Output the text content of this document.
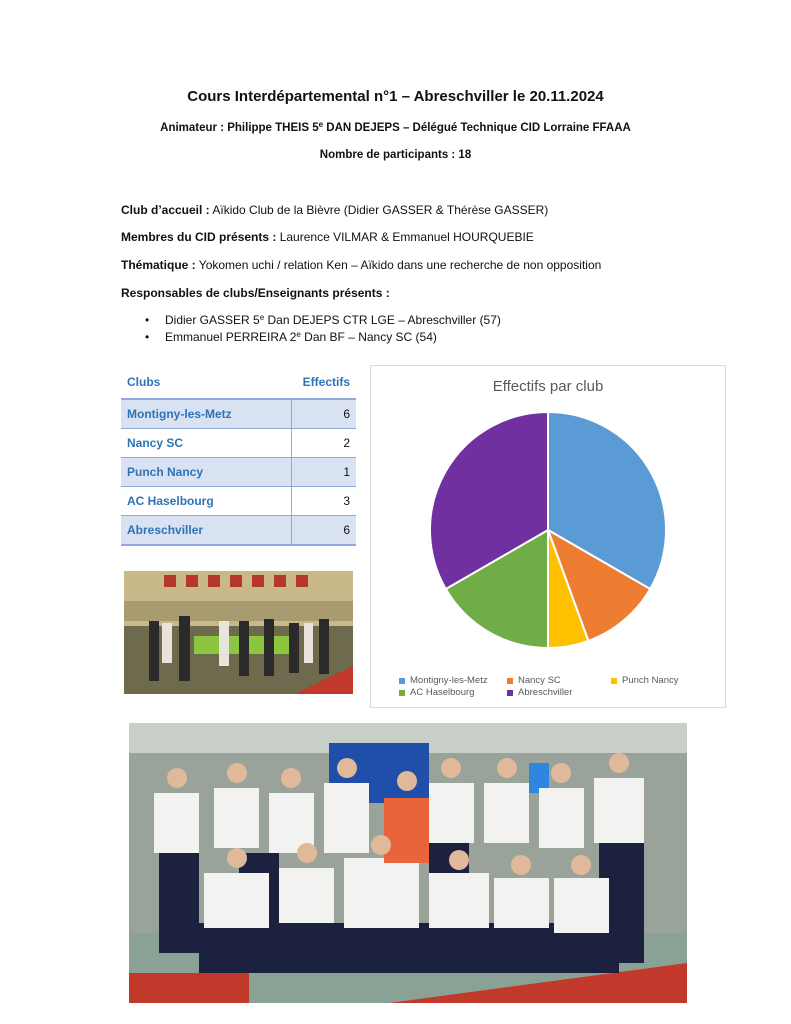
Cours Interdépartemental n°1 – Abreschviller le 20.11.2024
Animateur : Philippe THEIS 5e DAN DEJEPS – Délégué Technique CID Lorraine FFAAA
Nombre de participants : 18
Club d’accueil : Aïkido Club de la Bièvre (Didier GASSER & Thérèse GASSER)
Membres du CID présents : Laurence VILMAR & Emmanuel HOURQUEBIE
Thématique : Yokomen uchi / relation Ken – Aïkido dans une recherche de non opposition
Responsables de clubs/Enseignants présents :
• Didier GASSER 5e Dan DEJEPS CTR LGE – Abreschviller (57)
• Emmanuel PERREIRA 2e Dan BF – Nancy SC (54)
Clubs	Effectifs
Montigny-les-Metz	6
Nancy SC	2
Punch Nancy	1
AC Haselbourg	3
Abreschviller	6
Effectifs par club
Montigny-les-Metz	Nancy SC	Punch Nancy
AC Haselbourg	Abreschviller
